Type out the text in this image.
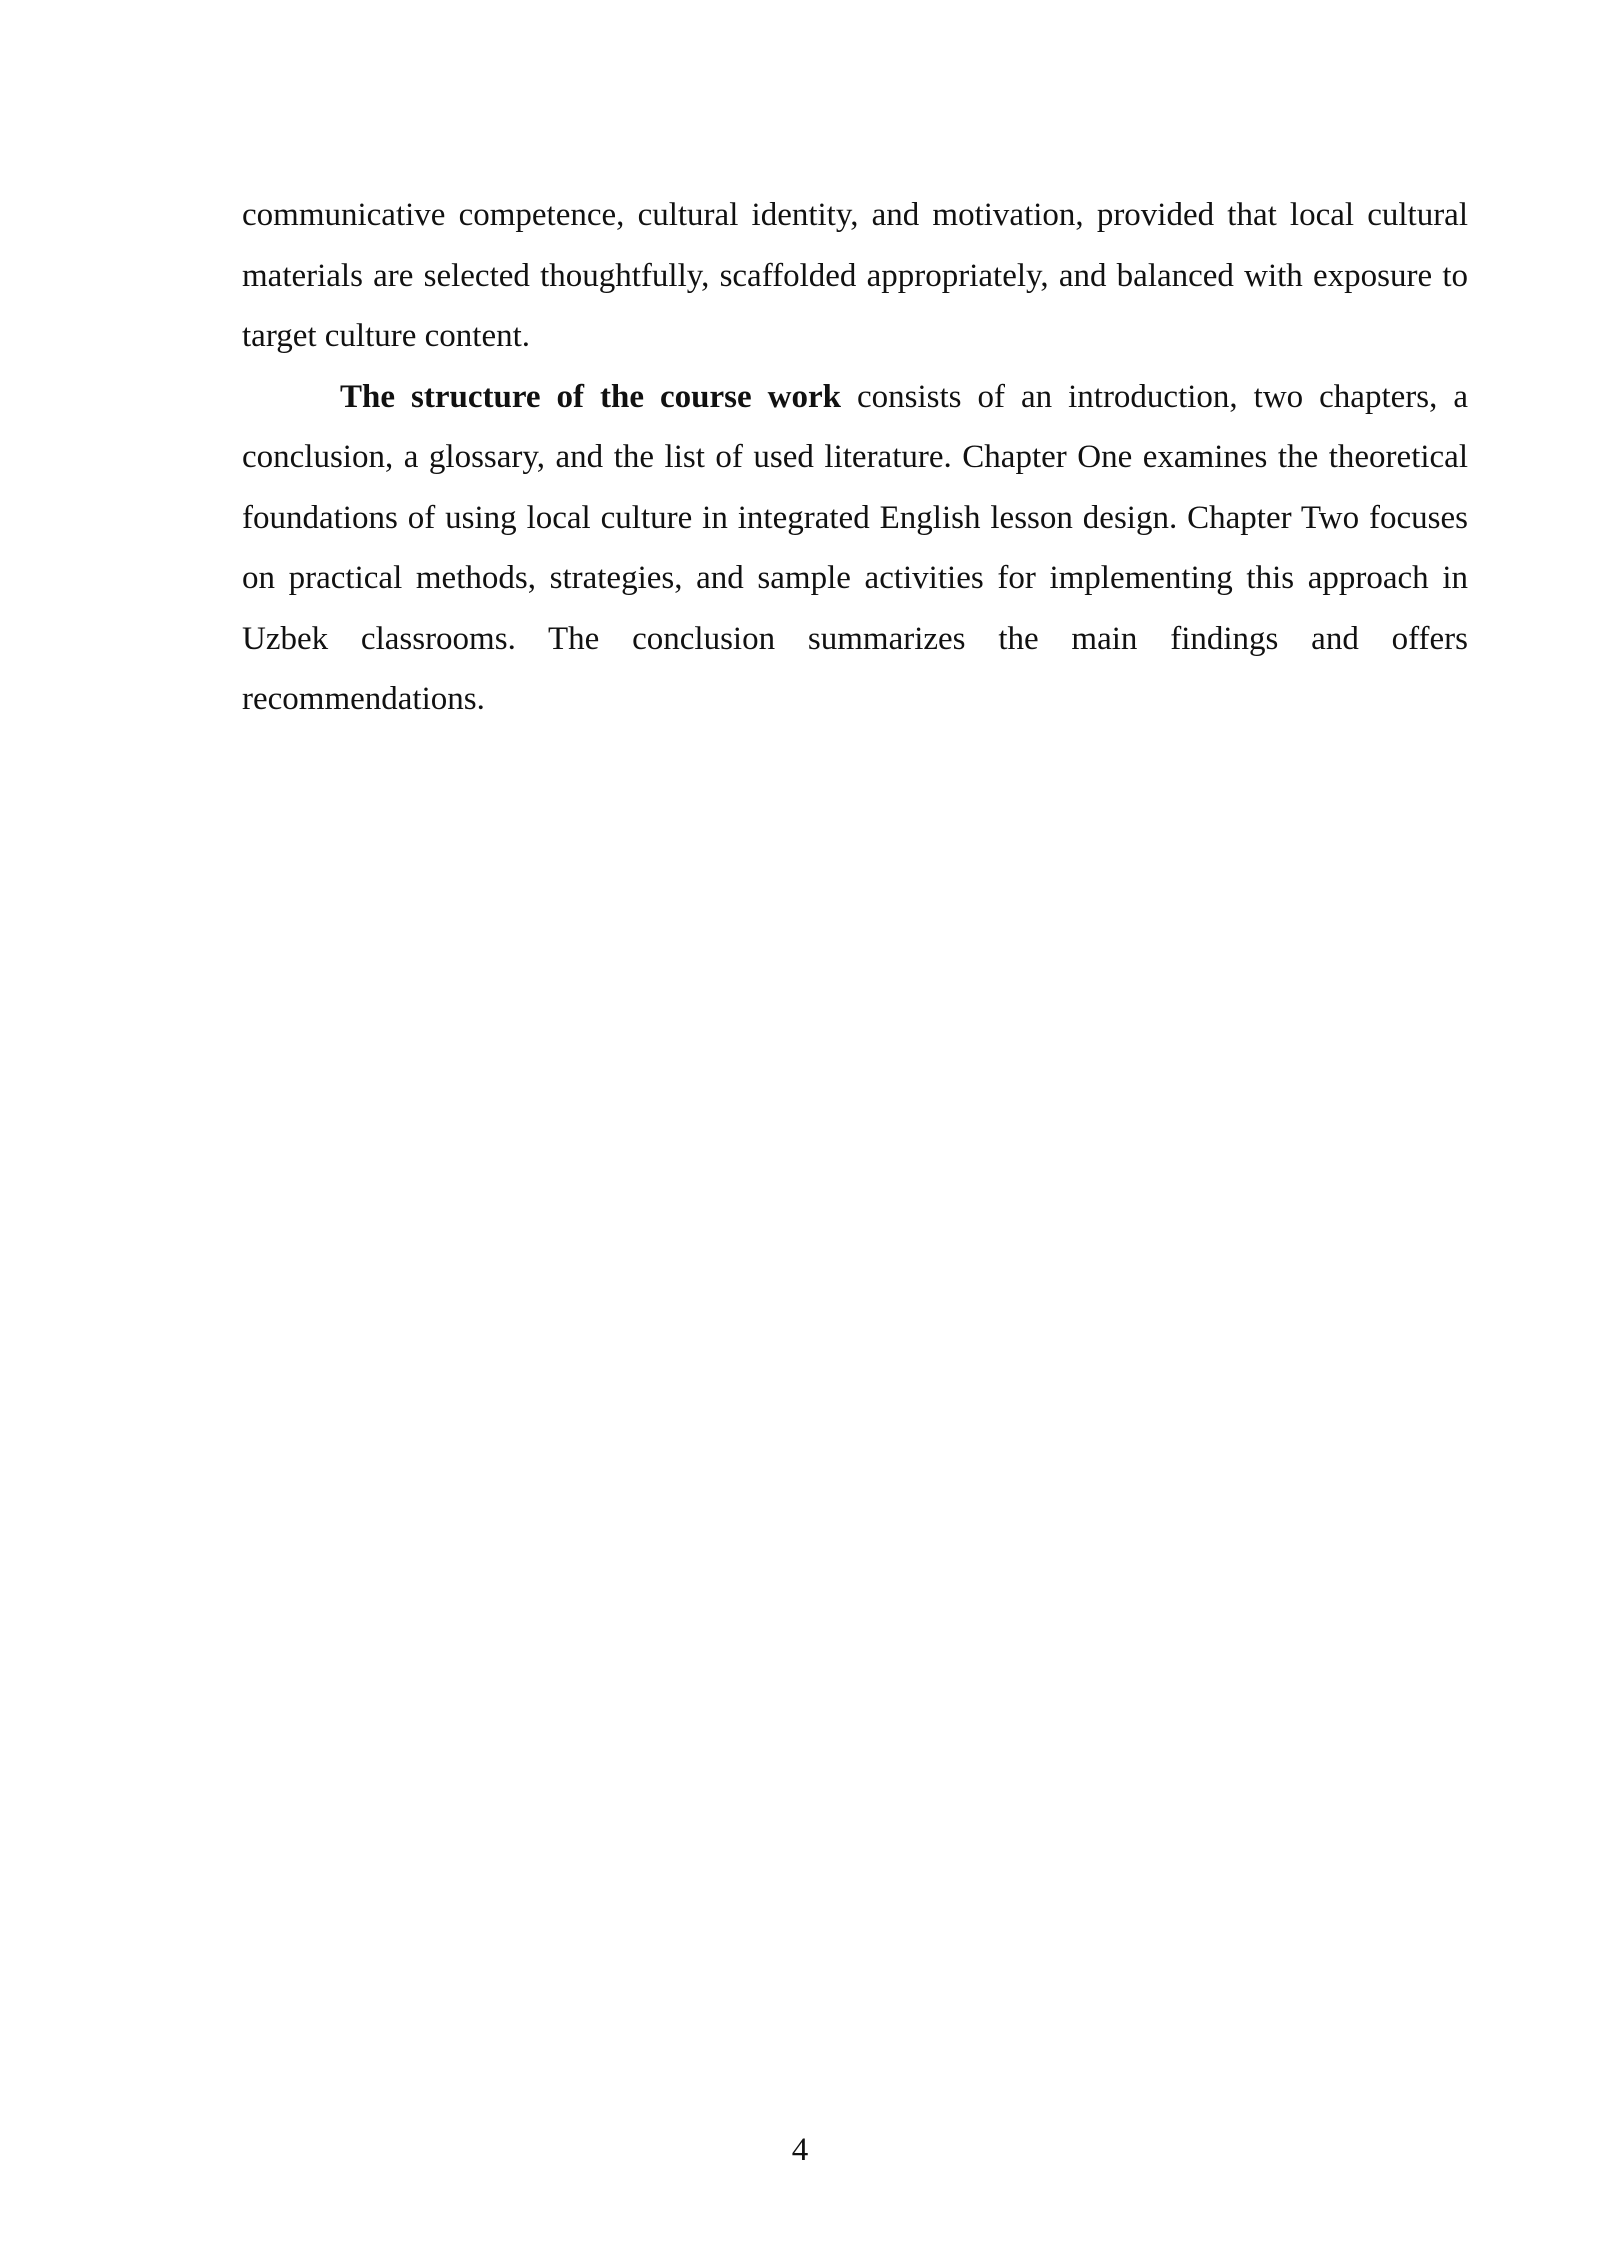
communicative competence, cultural identity, and motivation, provided that local cultural materials are selected thoughtfully, scaffolded appropriately, and balanced with exposure to target culture content.

The structure of the course work consists of an introduction, two chapters, a conclusion, a glossary, and the list of used literature. Chapter One examines the theoretical foundations of using local culture in integrated English lesson design. Chapter Two focuses on practical methods, strategies, and sample activities for implementing this approach in Uzbek classrooms. The conclusion summarizes the main findings and offers recommendations.

4
